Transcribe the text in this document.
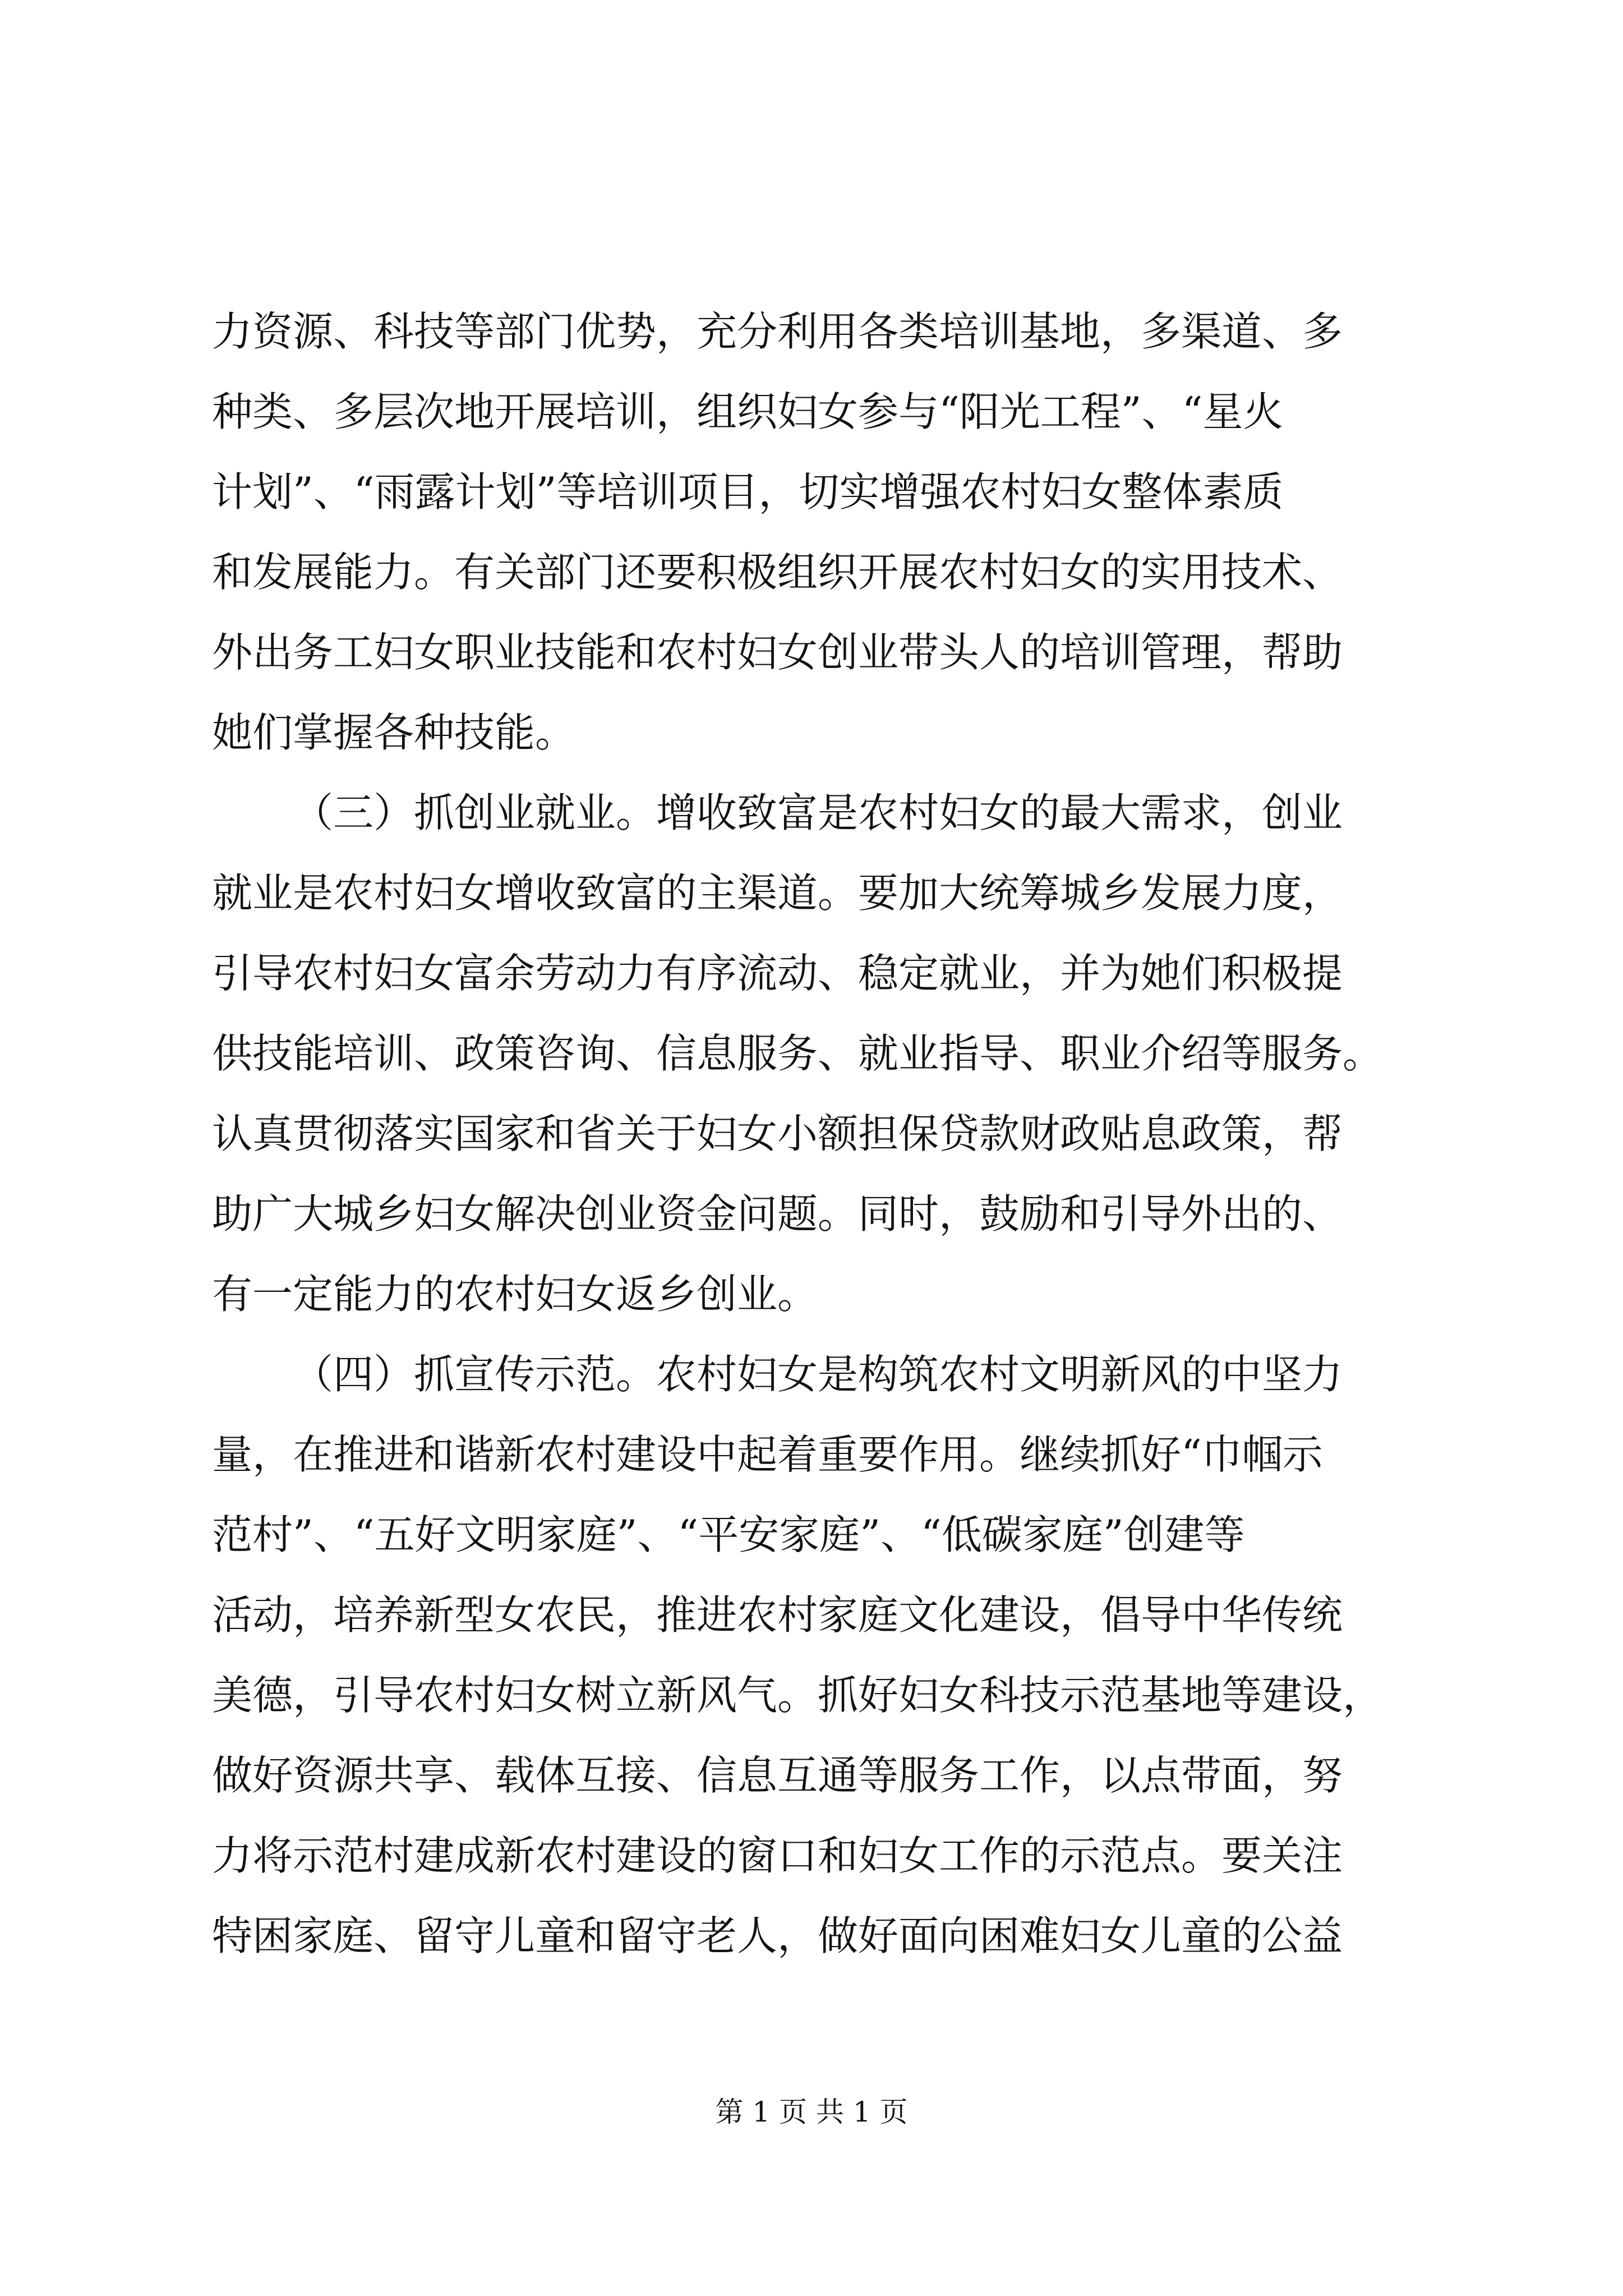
力资源、科技等部门优势，充分利用各类培训基地，多渠道、多
种类、多层次地开展培训，组织妇女参与“阳光工程”、“星火
计划”、“雨露计划”等培训项目，切实增强农村妇女整体素质
和发展能力。有关部门还要积极组织开展农村妇女的实用技术、
外出务工妇女职业技能和农村妇女创业带头人的培训管理，帮助
她们掌握各种技能。
（三）抓创业就业。增收致富是农村妇女的最大需求，创业
就业是农村妇女增收致富的主渠道。要加大统筹城乡发展力度，
引导农村妇女富余劳动力有序流动、稳定就业，并为她们积极提
供技能培训、政策咨询、信息服务、就业指导、职业介绍等服务。
认真贯彻落实国家和省关于妇女小额担保贷款财政贴息政策，帮
助广大城乡妇女解决创业资金问题。同时，鼓励和引导外出的、
有一定能力的农村妇女返乡创业。
（四）抓宣传示范。农村妇女是构筑农村文明新风的中坚力
量，在推进和谐新农村建设中起着重要作用。继续抓好“巾帼示
范村”、“五好文明家庭”、“平安家庭”、“低碳家庭”创建等
活动，培养新型女农民，推进农村家庭文化建设，倡导中华传统
美德，引导农村妇女树立新风气。抓好妇女科技示范基地等建设，
做好资源共享、载体互接、信息互通等服务工作，以点带面，努
力将示范村建成新农村建设的窗口和妇女工作的示范点。要关注
特困家庭、留守儿童和留守老人，做好面向困难妇女儿童的公益
第 1 页 共 1 页
